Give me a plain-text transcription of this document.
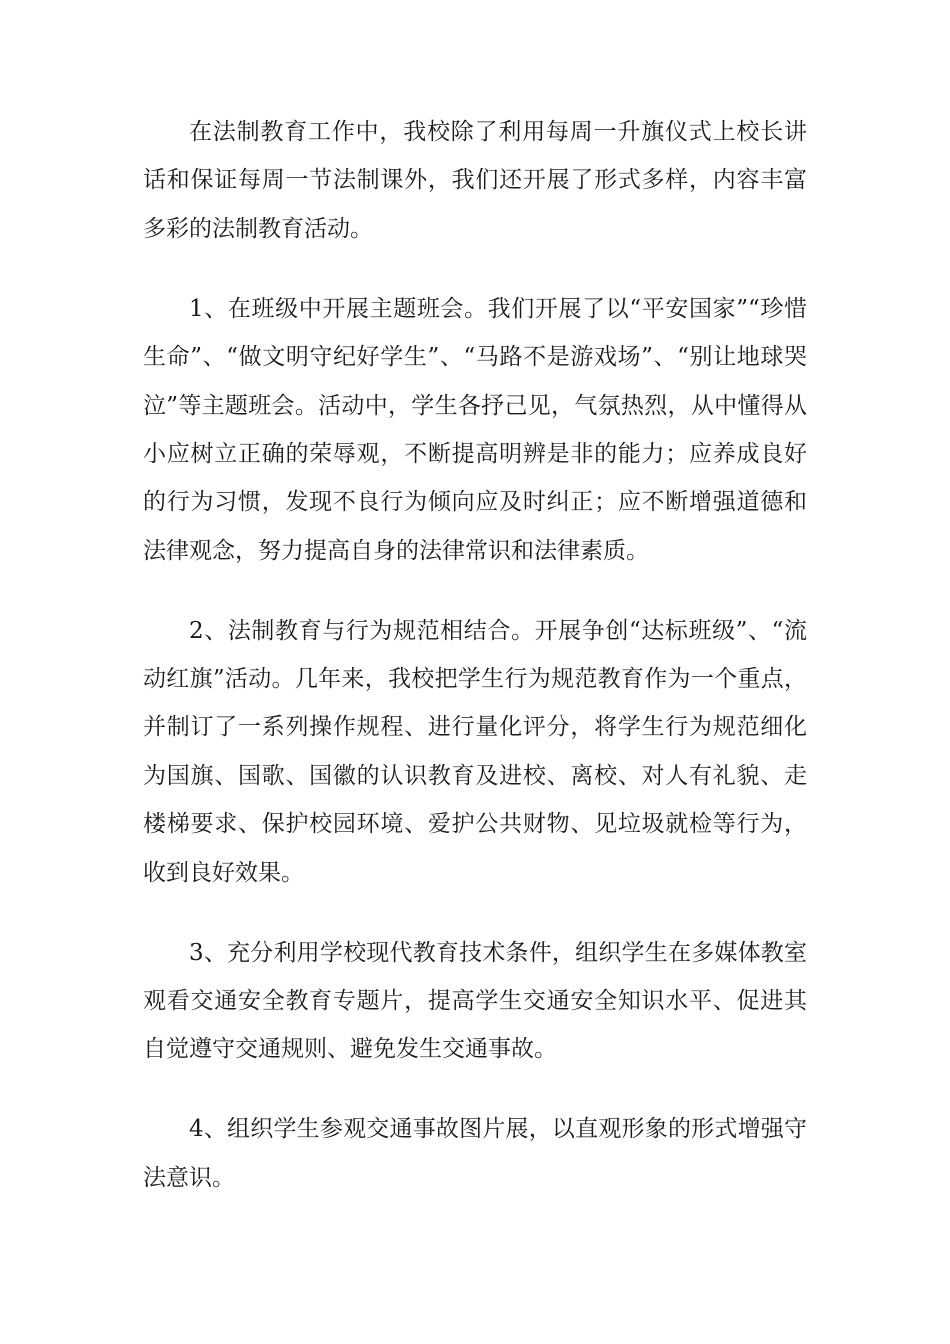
在法制教育工作中，我校除了利用每周一升旗仪式上校长讲话和保证每周一节法制课外，我们还开展了形式多样，内容丰富多彩的法制教育活动。

1、在班级中开展主题班会。我们开展了以“平安国家”“珍惜生命”、“做文明守纪好学生”、“马路不是游戏场”、“别让地球哭泣”等主题班会。活动中，学生各抒己见，气氛热烈，从中懂得从小应树立正确的荣辱观，不断提高明辨是非的能力；应养成良好的行为习惯，发现不良行为倾向应及时纠正；应不断增强道德和法律观念，努力提高自身的法律常识和法律素质。

2、法制教育与行为规范相结合。开展争创“达标班级”、“流动红旗”活动。几年来，我校把学生行为规范教育作为一个重点，并制订了一系列操作规程、进行量化评分，将学生行为规范细化为国旗、国歌、国徽的认识教育及进校、离校、对人有礼貌、走楼梯要求、保护校园环境、爱护公共财物、见垃圾就检等行为，收到良好效果。

3、充分利用学校现代教育技术条件，组织学生在多媒体教室观看交通安全教育专题片，提高学生交通安全知识水平、促进其自觉遵守交通规则、避免发生交通事故。

4、组织学生参观交通事故图片展，以直观形象的形式增强守法意识。
